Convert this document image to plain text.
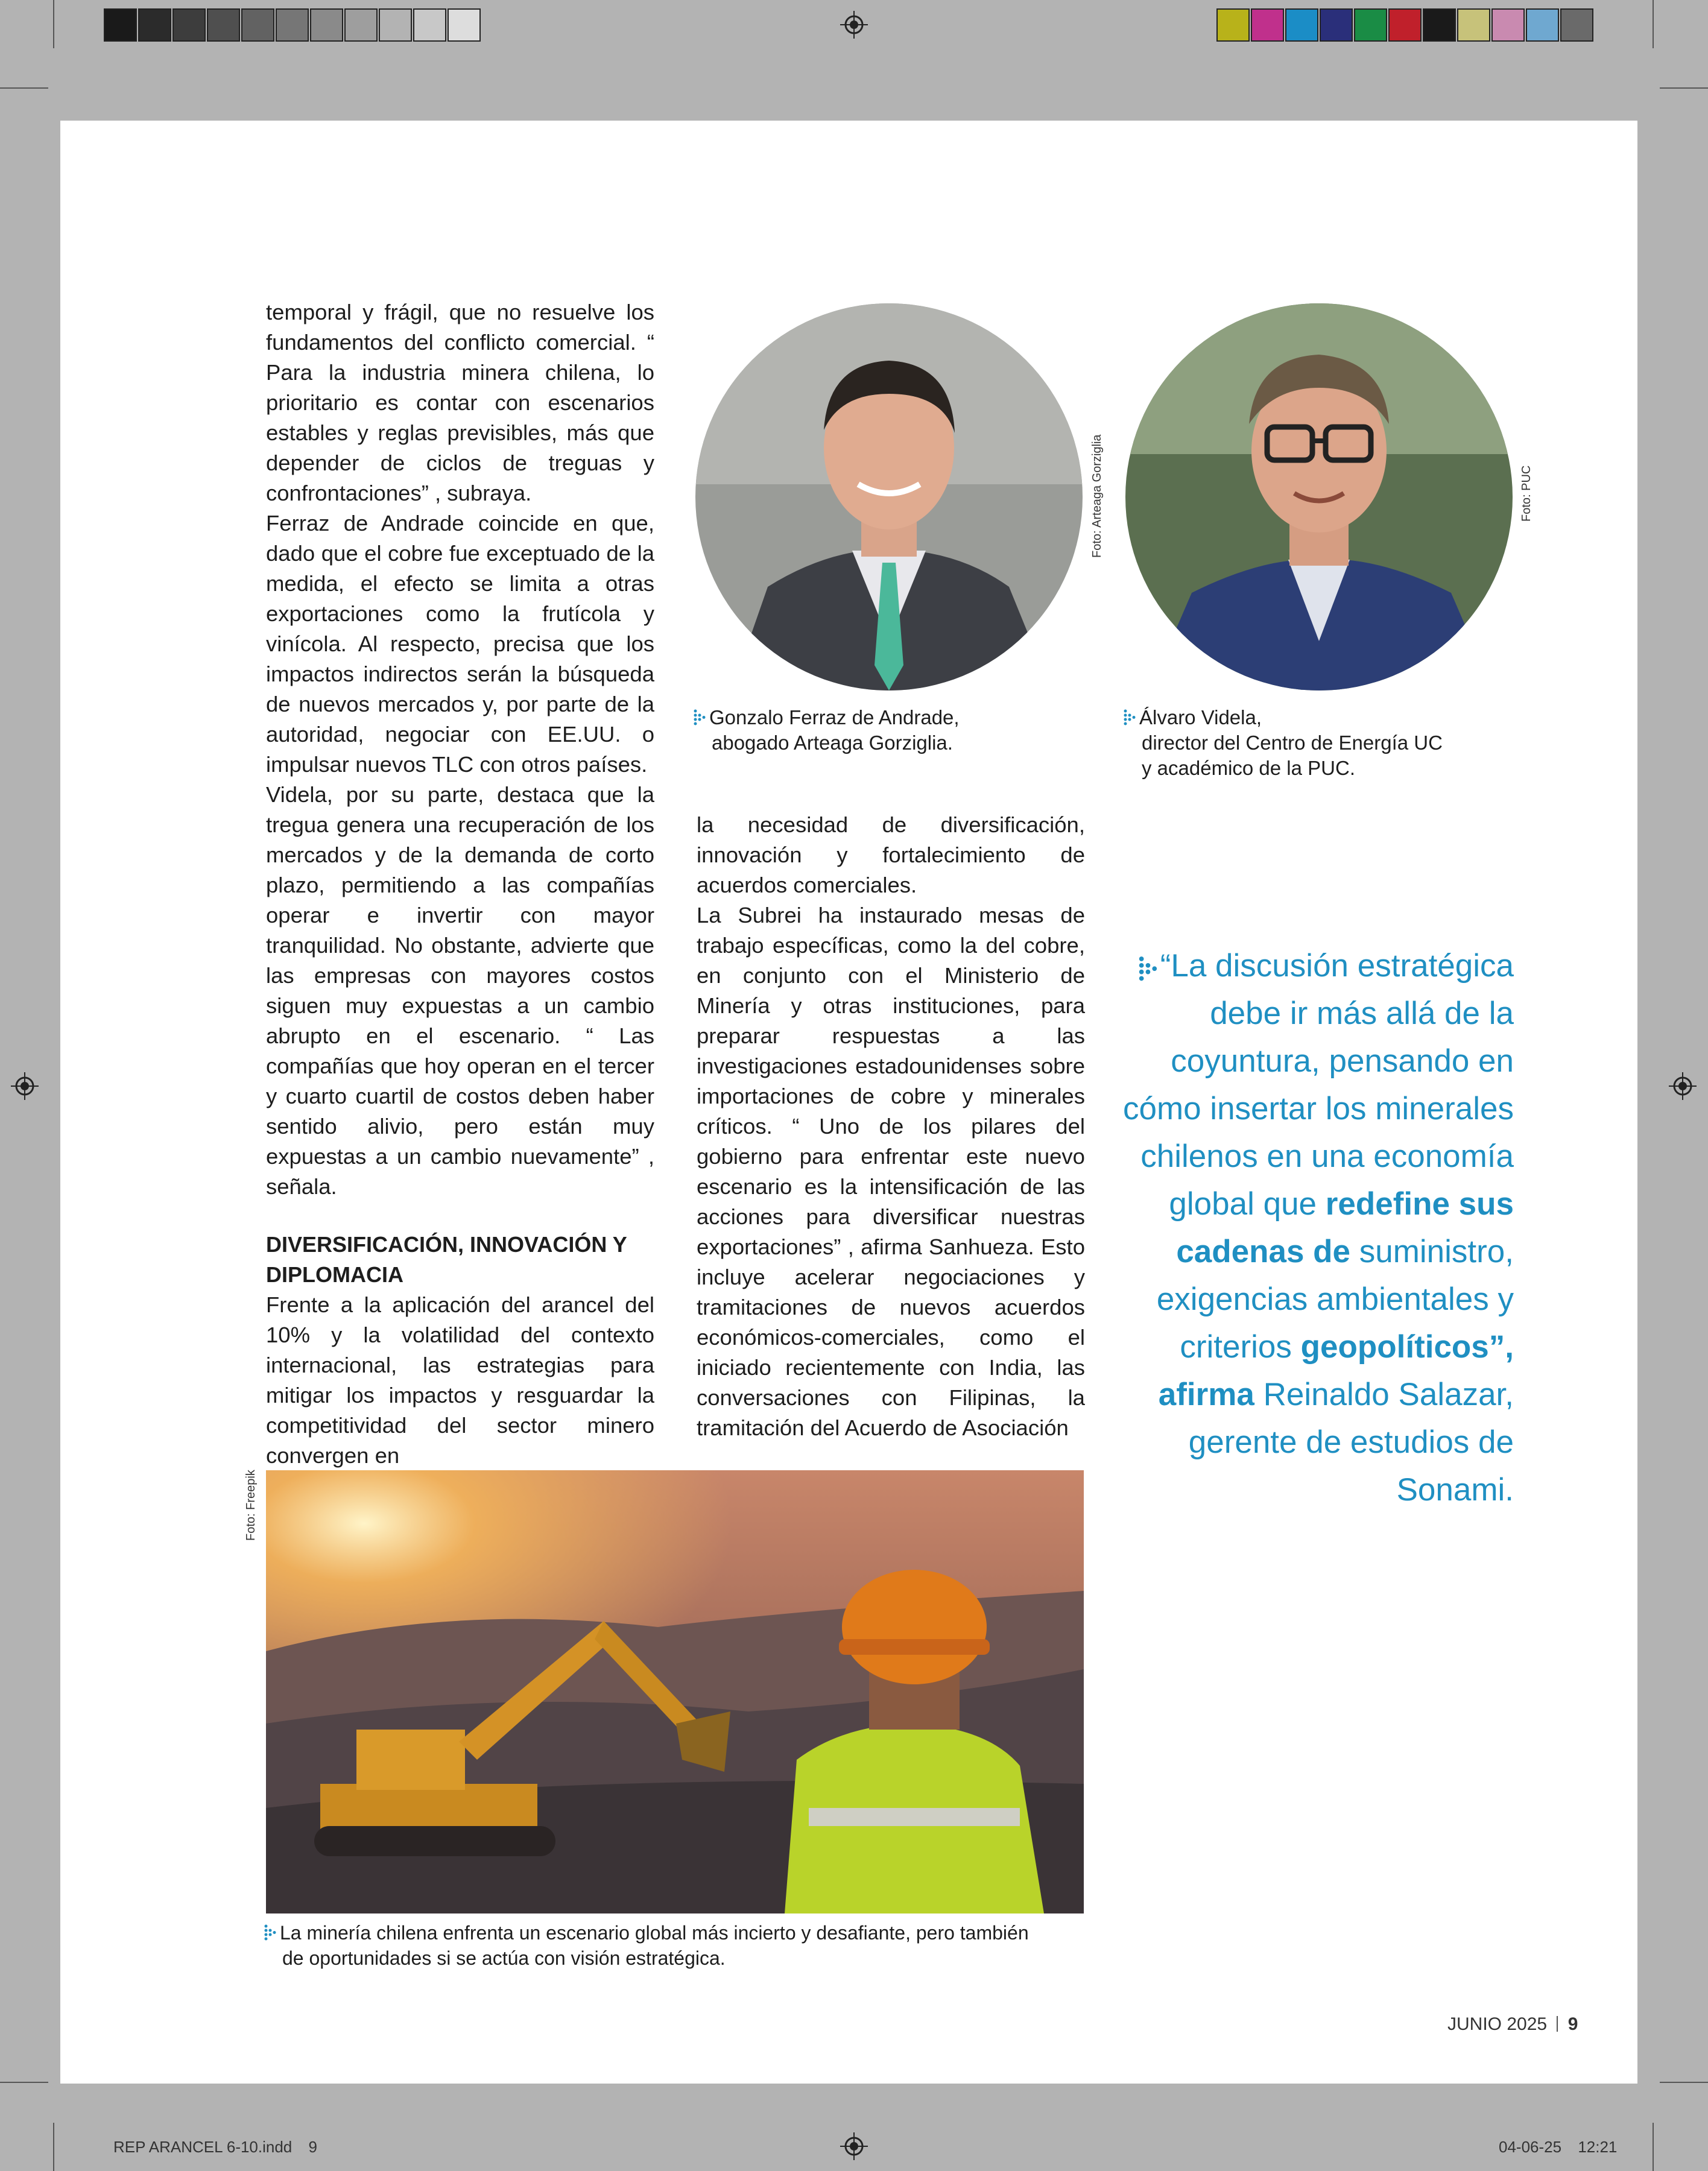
temporal y frágil, que no resuelve los fundamentos del conflicto comercial. “ Para la industria minera chilena, lo prioritario es contar con escenarios estables y reglas previsibles, más que depender de ciclos de treguas y confrontaciones” , subraya.

Ferraz de Andrade coincide en que, dado que el cobre fue exceptuado de la medida, el efecto se limita a otras exportaciones como la frutícola y vinícola. Al respecto, precisa que los impactos indirectos serán la búsqueda de nuevos mercados y, por parte de la autoridad, negociar con EE.UU. o impulsar nuevos TLC con otros países.

Videla, por su parte, destaca que la tregua genera una recuperación de los mercados y de la demanda de corto plazo, permitiendo a las compañías operar e invertir con mayor tranquilidad. No obstante, advierte que las empresas con mayores costos siguen muy expuestas a un cambio abrupto en el escenario. “ Las compañías que hoy operan en el tercer y cuarto cuartil de costos deben haber sentido alivio, pero están muy expuestas a un cambio nuevamente” , señala.

DIVERSIFICACIÓN, INNOVACIÓN Y DIPLOMACIA

Frente a la aplicación del arancel del 10% y la volatilidad del contexto internacional, las estrategias para mitigar los impactos y resguardar la competitividad del sector minero convergen en

la necesidad de diversificación, innovación y fortalecimiento de acuerdos comerciales.

La Subrei ha instaurado mesas de trabajo específicas, como la del cobre, en conjunto con el Ministerio de Minería y otras instituciones, para preparar respuestas a las investigaciones estadounidenses sobre importaciones de cobre y minerales críticos. “ Uno de los pilares del gobierno para enfrentar este nuevo escenario es la intensificación de las acciones para diversificar nuestras exportaciones” , afirma Sanhueza. Esto incluye acelerar negociaciones y tramitaciones de nuevos acuerdos económicos-comerciales, como el iniciado recientemente con India, las conversaciones con Filipinas, la tramitación del Acuerdo de Asociación

Foto: Arteaga Gorziglia	Foto: PUC
Gonzalo Ferraz de Andrade,
abogado Arteaga Gorziglia.
Álvaro Videla,
director del Centro de Energía UC
y académico de la PUC.
“La discusión estratégica debe ir más allá de la coyuntura, pensando en cómo insertar los minerales chilenos en una economía global que redefine sus cadenas de suministro, exigencias ambientales y criterios geopolíticos”, afirma Reinaldo Salazar, gerente de estudios de Sonami.
Foto: Freepik
La minería chilena enfrenta un escenario global más incierto y desafiante, pero también
de oportunidades si se actúa con visión estratégica.
JUNIO 2025 9
REP ARANCEL 6-10.indd 9	04-06-25 12:21
